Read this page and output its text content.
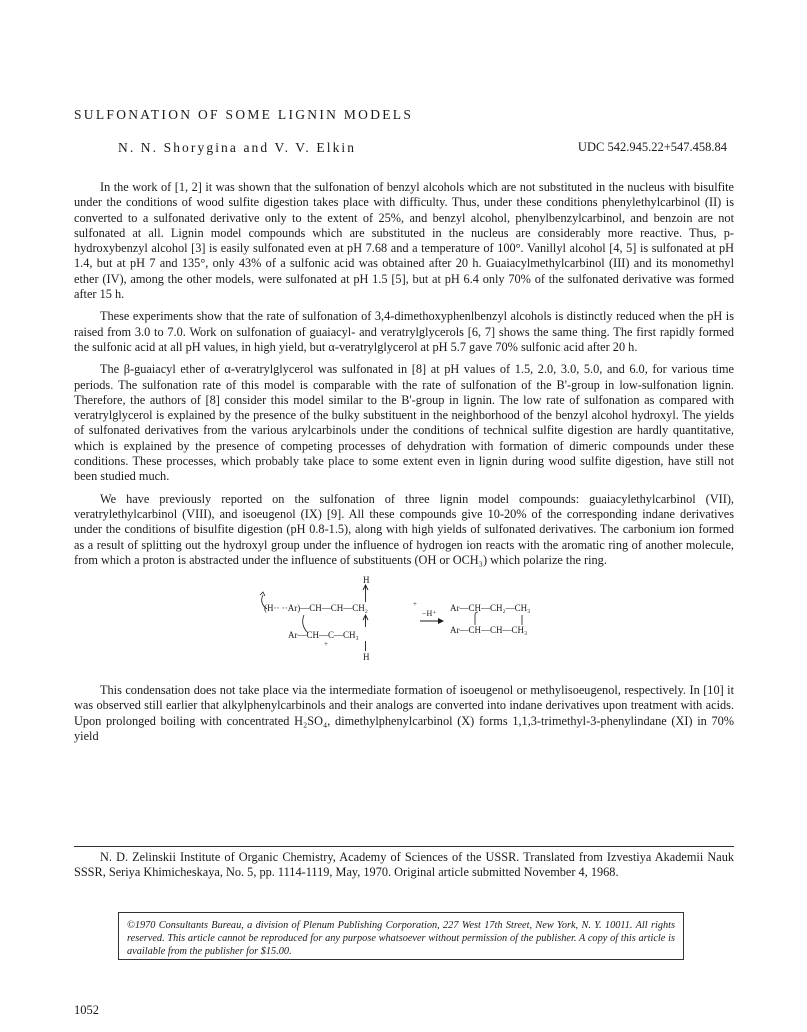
SULFONATION OF SOME LIGNIN MODELS
N. N. Shorygina and V. V. Elkin	UDC 542.945.22+547.458.84

In the work of [1, 2] it was shown that the sulfonation of benzyl alcohols which are not substituted in the nucleus with bisulfite under the conditions of wood sulfite digestion takes place with difficulty. Thus, under these conditions phenylethylcarbinol (II) is converted to a sulfonated derivative only to the extent of 25%, and benzyl alcohol, phenylbenzylcarbinol, and benzoin are not sulfonated at all. Lignin model compounds which are substituted in the nucleus are considerably more reactive. Thus, p-hydroxybenzyl alcohol [3] is easily sulfonated even at pH 7.68 and a temperature of 100°. Vanillyl alcohol [4, 5] is sulfonated at pH 1.4, but at pH 7 and 135°, only 43% of a sulfonic acid was obtained after 20 h. Guaiacylmethylcarbinol (III) and its monomethyl ether (IV), among the other models, were sulfonated at pH 1.5 [5], but at pH 6.4 only 70% of the sulfonated derivative was formed after 15 h.

These experiments show that the rate of sulfonation of 3,4-dimethoxyphenlbenzyl alcohols is distinctly reduced when the pH is raised from 3.0 to 7.0. Work on sulfonation of guaiacyl- and veratrylglycerols [6, 7] shows the same thing. The first rapidly formed the sulfonic acid at all pH values, in high yield, but α-veratrylglycerol at pH 5.7 gave 70% sulfonic acid after 20 h.

The β-guaiacyl ether of α-veratrylglycerol was sulfonated in [8] at pH values of 1.5, 2.0, 3.0, 5.0, and 6.0, for various time periods. The sulfonation rate of this model is comparable with the rate of sulfonation of the B'-group in low-sulfonation lignin. Therefore, the authors of [8] consider this model similar to the B'-group in lignin. The low rate of sulfonation as compared with veratrylglycerol is explained by the presence of the bulky substituent in the neighborhood of the benzyl alcohol hydroxyl. The yields of sulfonated derivatives from the various arylcarbinols under the conditions of technical sulfite digestion are hardly quantitative, which is explained by the presence of competing processes of dehydration with formation of dimeric compounds under these conditions. These processes, which probably take place to some extent even in lignin during wood sulfite digestion, have still not been studied much.

We have previously reported on the sulfonation of three lignin model compounds: guaiacylethylcarbinol (VII), veratrylethylcarbinol (VIII), and isoeugenol (IX) [9]. All these compounds give 10-20% of the corresponding indane derivatives under the conditions of bisulfite digestion (pH 0.8-1.5), along with high yields of sulfonated derivatives. The carbonium ion formed as a result of splitting out the hydroxyl group under the influence of hydrogen ion reacts with the aromatic ring of another molecule, from which a proton is abstracted under the influence of substituents (OH or OCH₃) which polarize the ring.

H
(H·· ··Ar)—CH—CH—CH₂	+
Ar—CH—C—CH₃
+
H
−H⁺
Ar—CH—CH₂—CH₃
Ar—CH—CH—CH₃

This condensation does not take place via the intermediate formation of isoeugenol or methylisoeugenol, respectively. In [10] it was observed still earlier that alkylphenylcarbinols and their analogs are converted into indane derivatives upon treatment with acids. Upon prolonged boiling with concentrated H₂SO₄, dimethylphenylcarbinol (X) forms 1,1,3-trimethyl-3-phenylindane (XI) in 70% yield

N. D. Zelinskii Institute of Organic Chemistry, Academy of Sciences of the USSR. Translated from Izvestiya Akademii Nauk SSSR, Seriya Khimicheskaya, No. 5, pp. 1114-1119, May, 1970. Original article submitted November 4, 1968.
©1970 Consultants Bureau, a division of Plenum Publishing Corporation, 227 West 17th Street, New York, N. Y. 10011. All rights reserved. This article cannot be reproduced for any purpose whatsoever without permission of the publisher. A copy of this article is available from the publisher for $15.00.
1052
